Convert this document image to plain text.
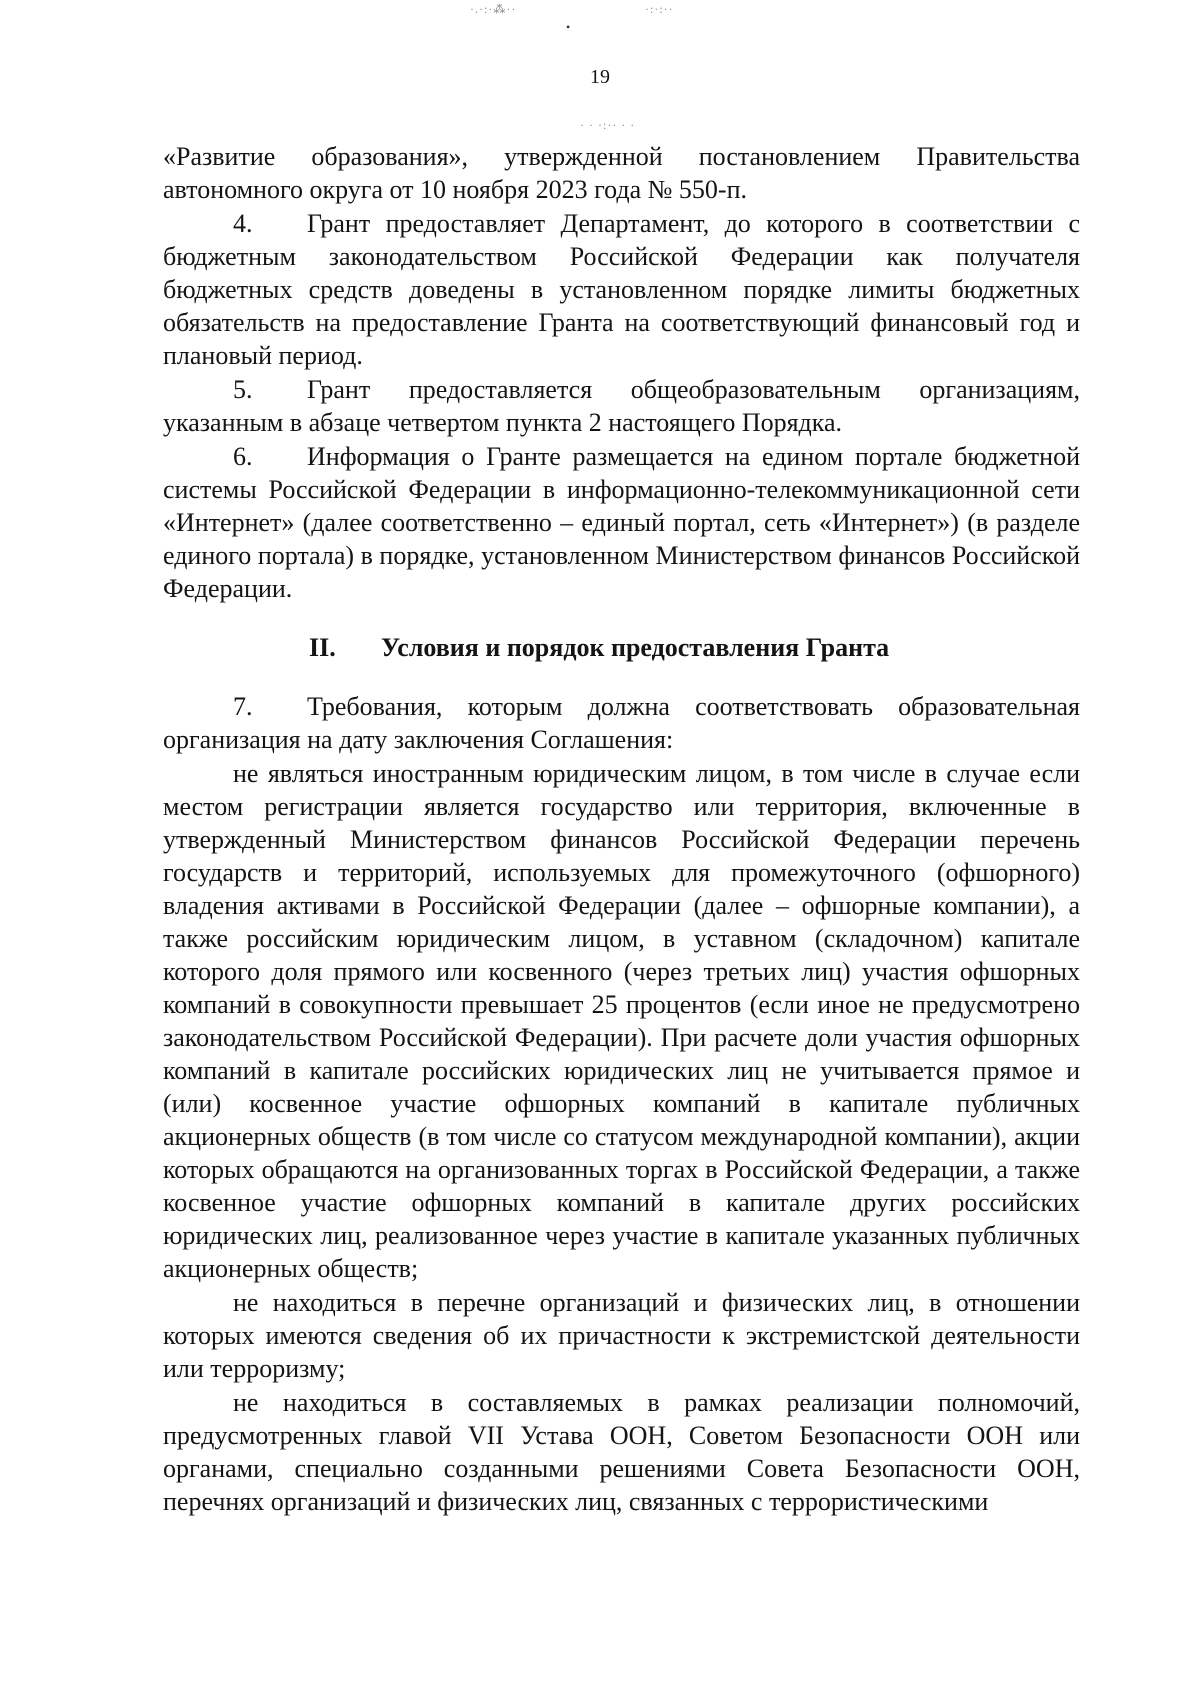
·.·:·⁂··	·:·:··
•
· · ·:·· · ·
19

«Развитие образования», утвержденной постановлением Правительства автономного округа от 10 ноября 2023 года № 550-п.

4. Грант предоставляет Департамент, до которого в соответствии с бюджетным законодательством Российской Федерации как получателя бюджетных средств доведены в установленном порядке лимиты бюджетных обязательств на предоставление Гранта на соответствующий финансовый год и плановый период.

5. Грант предоставляется общеобразовательным организациям, указанным в абзаце четвертом пункта 2 настоящего Порядка.

6. Информация о Гранте размещается на едином портале бюджетной системы Российской Федерации в информационно-телекоммуникационной сети «Интернет» (далее соответственно – единый портал, сеть «Интернет») (в разделе единого портала) в порядке, установленном Министерством финансов Российской Федерации.

II. Условия и порядок предоставления Гранта

7. Требования, которым должна соответствовать образовательная организация на дату заключения Соглашения:

не являться иностранным юридическим лицом, в том числе в случае если местом регистрации является государство или территория, включенные в утвержденный Министерством финансов Российской Федерации перечень государств и территорий, используемых для промежуточного (офшорного) владения активами в Российской Федерации (далее – офшорные компании), а также российским юридическим лицом, в уставном (складочном) капитале которого доля прямого или косвенного (через третьих лиц) участия офшорных компаний в совокупности превышает 25 процентов (если иное не предусмотрено законодательством Российской Федерации). При расчете доли участия офшорных компаний в капитале российских юридических лиц не учитывается прямое и (или) косвенное участие офшорных компаний в капитале публичных акционерных обществ (в том числе со статусом международной компании), акции которых обращаются на организованных торгах в Российской Федерации, а также косвенное участие офшорных компаний в капитале других российских юридических лиц, реализованное через участие в капитале указанных публичных акционерных обществ;

не находиться в перечне организаций и физических лиц, в отношении которых имеются сведения об их причастности к экстремистской деятельности или терроризму;

не находиться в составляемых в рамках реализации полномочий, предусмотренных главой VII Устава ООН, Советом Безопасности ООН или органами, специально созданными решениями Совета Безопасности ООН, перечнях организаций и физических лиц, связанных с террористическими
